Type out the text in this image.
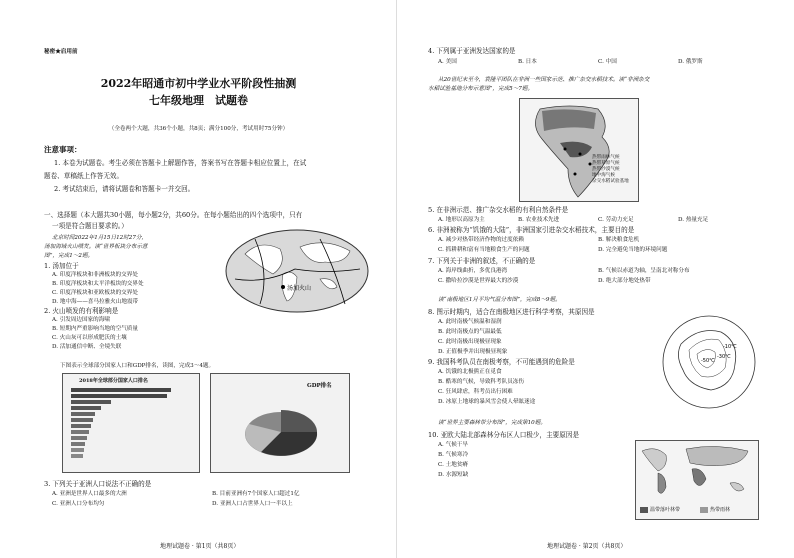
秘密★启用前
2022年昭通市初中学业水平阶段性抽测
七年级地理　试题卷
（全卷两个大题，共36个小题，共8页；满分100分，考试用时75分钟）
注意事项：
1. 本卷为试题卷。考生必须在答题卡上解题作答，答案书写在答题卡相应位置上，在试
题卷、草稿纸上作答无效。
2. 考试结束后，请将试题卷和答题卡一并交回。
一、选择题（本大题共30小题，每小题2分，共60分。在每小题给出的四个选项中，只有
一项是符合题目要求的。）
北京时间2022年1月15日12时27分，
汤加海域火山喷发。读“世界板块分布示意
图”，完成1～2题。
汤加火山
1. 汤加位于
A. 印度洋板块和非洲板块的交界处
B. 印度洋板块和太平洋板块的交界处
C. 印度洋板块和亚欧板块的交界处
D. 地中海——喜马拉雅火山地震带
2. 火山喷发的有利影响是
A. 引发周边国家的海啸
B. 短期内严重影响当地的空气质量
C. 火山灰可以形成肥沃的土壤
D. 活加通信中断、全境失联
下图表示全球部分国家人口和GDP排名，读图，完成3～4题。
2018年全球部分国家人口排名
GDP排名
3. 下列关于亚洲人口说法不正确的是
A. 亚洲是世界人口最多的大洲	B. 目前亚洲有7个国家人口超过1亿
C. 亚洲人口分布均匀	D. 亚洲人口占世界人口一半以上
地理试题卷 · 第1页（共8页）
4. 下列属于亚洲发达国家的是
A. 美国	B. 日本	C. 中国	D. 俄罗斯
从20世纪末至今，袁隆平团队在非洲一些国家示范、推广杂交水稻技术。读“非洲杂交
水稻试验基地分布示意图”，完成5～7题。
热带雨林气候
热带草原气候
热带沙漠气候
地中海气候
杂交水稻试验基地
5. 在非洲示范、推广杂交水稻的有利自然条件是
A. 地形以高原为主	B. 农业技术先进	C. 劳动力充足	D. 热量充足
6. 非洲被称为“饥饿的大陆”，非洲国家引进杂交水稻技术，主要目的是
A. 减少对热带经济作物的过度依赖	B. 解决粮食危机
C. 抓耕耕和富有当地粮食生产的问题	D. 完全避免当地的环境问题
7. 下列关于非洲的叙述，不正确的是
A. 海岸线曲折，多优良港湾	B. 气候以赤道为轴，呈南北对称分布
C. 撒哈拉沙漠是世界最大的沙漠	D. 绝大部分地处热带
读“南极地区1月平均气温分布图”，完成8～9题。
8. 图示时期内，适合在南极地区进行科学考察，其原因是
A. 此时南极气候温和湿润
B. 此时南极点的气温最低
C. 此时南极出现极昼现象
D. 正值极季并出现极昼现象
-10℃
-30℃
-50℃
9. 我国科考队员在南极考察，不可能遇到的危险是
A. 饥饿的北极熊正在觅食
B. 酷寒的气候，导致科考队员冻伤
C. 狂风肆虐，科考员出行困难
D. 冰原上地球的暴风雪会使人晕眩迷途
读“世界主要森林带分布图”，完成第10题。
10. 亚欧大陆北部森林分布区人口极少，主要原因是
A. 气候干旱
B. 气候寒冷
C. 土地贫瘠
D. 水源短缺
温带落叶林带	热带雨林
地理试题卷 · 第2页（共8页）
